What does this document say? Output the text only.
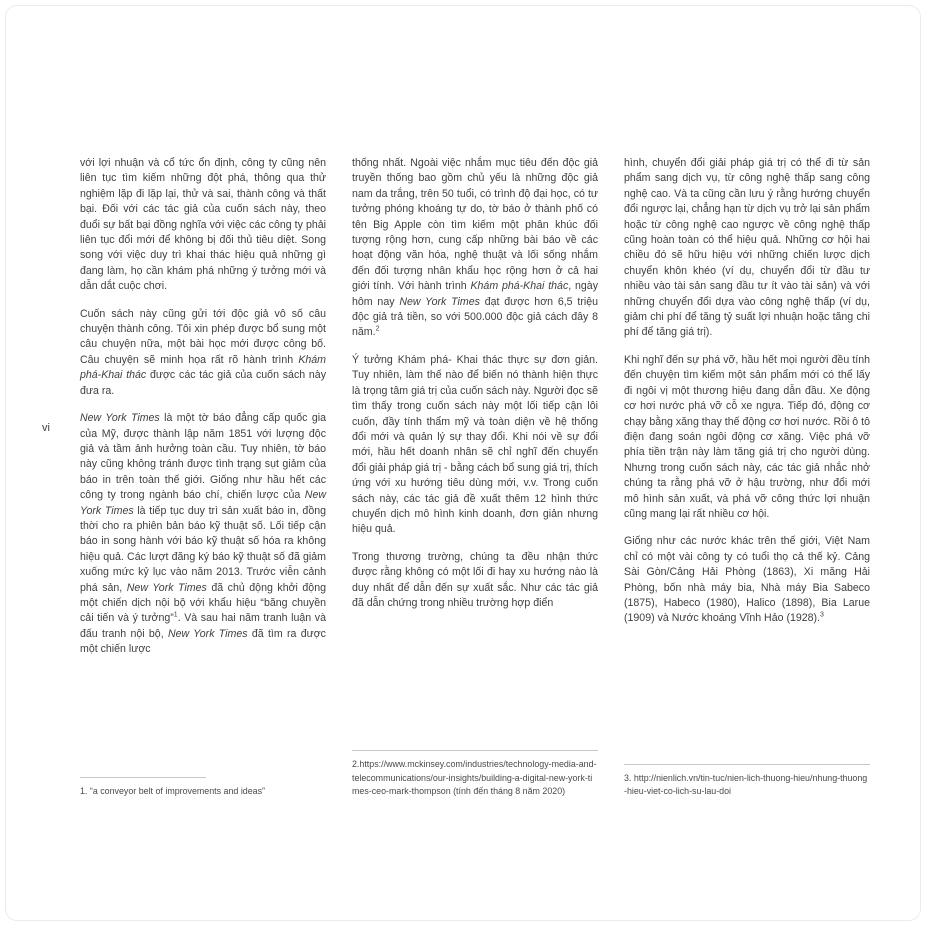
vi

với lợi nhuận và cổ tức ổn định, công ty cũng nên liên tục tìm kiếm những đột phá, thông qua thử nghiệm lặp đi lặp lại, thử và sai, thành công và thất bại. Đối với các tác giả của cuốn sách này, theo đuổi sự bất bại đồng nghĩa với việc các công ty phải liên tục đổi mới để không bị đối thủ tiêu diệt. Song song với việc duy trì khai thác hiệu quả những gì đang làm, họ cần khám phá những ý tưởng mới và dẫn dắt cuộc chơi.

Cuốn sách này cũng gửi tới độc giả vô số câu chuyện thành công. Tôi xin phép được bổ sung một câu chuyện nữa, một bài học mới được công bố. Câu chuyện sẽ minh họa rất rõ hành trình Khám phá-Khai thác được các tác giả của cuốn sách này đưa ra.

New York Times là một tờ báo đẳng cấp quốc gia của Mỹ, được thành lập năm 1851 với lượng độc giả và tầm ảnh hưởng toàn cầu. Tuy nhiên, tờ báo này cũng không tránh được tình trạng sụt giảm của báo in trên toàn thế giới. Giống như hầu hết các công ty trong ngành báo chí, chiến lược của New York Times là tiếp tục duy trì sản xuất báo in, đồng thời cho ra phiên bản báo kỹ thuật số. Lối tiếp cận báo in song hành với báo kỹ thuật số hóa ra không hiệu quả. Các lượt đăng ký báo kỹ thuật số đã giảm xuống mức kỷ lục vào năm 2013. Trước viễn cảnh phá sản, New York Times đã chủ động khởi động một chiến dịch nội bộ với khẩu hiệu “băng chuyền cải tiến và ý tưởng”$^1$. Và sau hai năm tranh luận và đấu tranh nội bộ, New York Times đã tìm ra được một chiến lược

1. “a conveyor belt of improvements and ideas”

thống nhất. Ngoài việc nhắm mục tiêu đến độc giả truyền thống bao gồm chủ yếu là những độc giả nam da trắng, trên 50 tuổi, có trình độ đại học, có tư tưởng phóng khoáng tự do, tờ báo ở thành phố có tên Big Apple còn tìm kiếm một phân khúc đối tượng rộng hơn, cung cấp những bài báo về các hoạt động văn hóa, nghệ thuật và lối sống nhắm đến đối tượng nhân khẩu học rộng hơn ở cả hai giới tính. Với hành trình Khám phá-Khai thác, ngày hôm nay New York Times đạt được hơn 6,5 triệu độc giả trả tiền, so với 500.000 độc giả cách đây 8 năm.$^2$

Ý tưởng Khám phá- Khai thác thực sự đơn giản. Tuy nhiên, làm thế nào để biến nó thành hiện thực là trọng tâm giá trị của cuốn sách này. Người đọc sẽ tìm thấy trong cuốn sách này một lối tiếp cận lôi cuốn, đầy tính thẩm mỹ và toàn diện về hệ thống đổi mới và quản lý sự thay đổi. Khi nói về sự đổi mới, hầu hết doanh nhân sẽ chỉ nghĩ đến chuyển đổi giải pháp giá trị - bằng cách bổ sung giá trị, thích ứng với xu hướng tiêu dùng mới, v.v. Trong cuốn sách này, các tác giả đề xuất thêm 12 hình thức chuyển dịch mô hình kinh doanh, đơn giản nhưng hiệu quả.

Trong thương trường, chúng ta đều nhận thức được rằng không có một lối đi hay xu hướng nào là duy nhất để dẫn đến sự xuất sắc. Như các tác giả đã dẫn chứng trong nhiều trường hợp điển

2.https://www.mckinsey.com/industries/technology-media-and-telecommunications/our-insights/building-a-digital-new-york-times-ceo-mark-thompson (tính đến tháng 8 năm 2020)

hình, chuyển đổi giải pháp giá trị có thể đi từ sản phẩm sang dịch vụ, từ công nghệ thấp sang công nghệ cao. Và ta cũng cần lưu ý rằng hướng chuyển đổi ngược lại, chẳng hạn từ dịch vụ trở lại sản phẩm hoặc từ công nghệ cao ngược về công nghệ thấp cũng hoàn toàn có thể hiệu quả. Những cơ hội hai chiều đó sẽ hữu hiệu với những chiến lược dịch chuyển khôn khéo (ví dụ, chuyển đổi từ đầu tư nhiều vào tài sản sang đầu tư ít vào tài sản) và với những chuyển đổi dựa vào công nghệ thấp (ví dụ, giảm chi phí để tăng tỷ suất lợi nhuận hoặc tăng chi phí để tăng giá trị).

Khi nghĩ đến sự phá vỡ, hầu hết mọi người đều tính đến chuyện tìm kiếm một sản phẩm mới có thể lấy đi ngôi vị một thương hiệu đang dẫn đầu. Xe động cơ hơi nước phá vỡ cỗ xe ngựa. Tiếp đó, động cơ chạy bằng xăng thay thế động cơ hơi nước. Rồi ô tô điện đang soán ngôi động cơ xăng. Việc phá vỡ phía tiền trận này làm tăng giá trị cho người dùng. Nhưng trong cuốn sách này, các tác giả nhắc nhở chúng ta rằng phá vỡ ở hậu trường, như đổi mới mô hình sản xuất, và phá vỡ công thức lợi nhuận cũng mang lại rất nhiều cơ hội.

Giống như các nước khác trên thế giới, Việt Nam chỉ có một vài công ty có tuổi thọ cả thế kỷ. Cảng Sài Gòn/Cảng Hải Phòng (1863), Xi măng Hải Phòng, bốn nhà máy bia, Nhà máy Bia Sabeco (1875), Habeco (1980), Halico (1898), Bia Larue (1909) và Nước khoáng Vĩnh Hảo (1928).$^3$

3. http://nienlich.vn/tin-tuc/nien-lich-thuong-hieu/nhung-thuong-hieu-viet-co-lich-su-lau-doi
